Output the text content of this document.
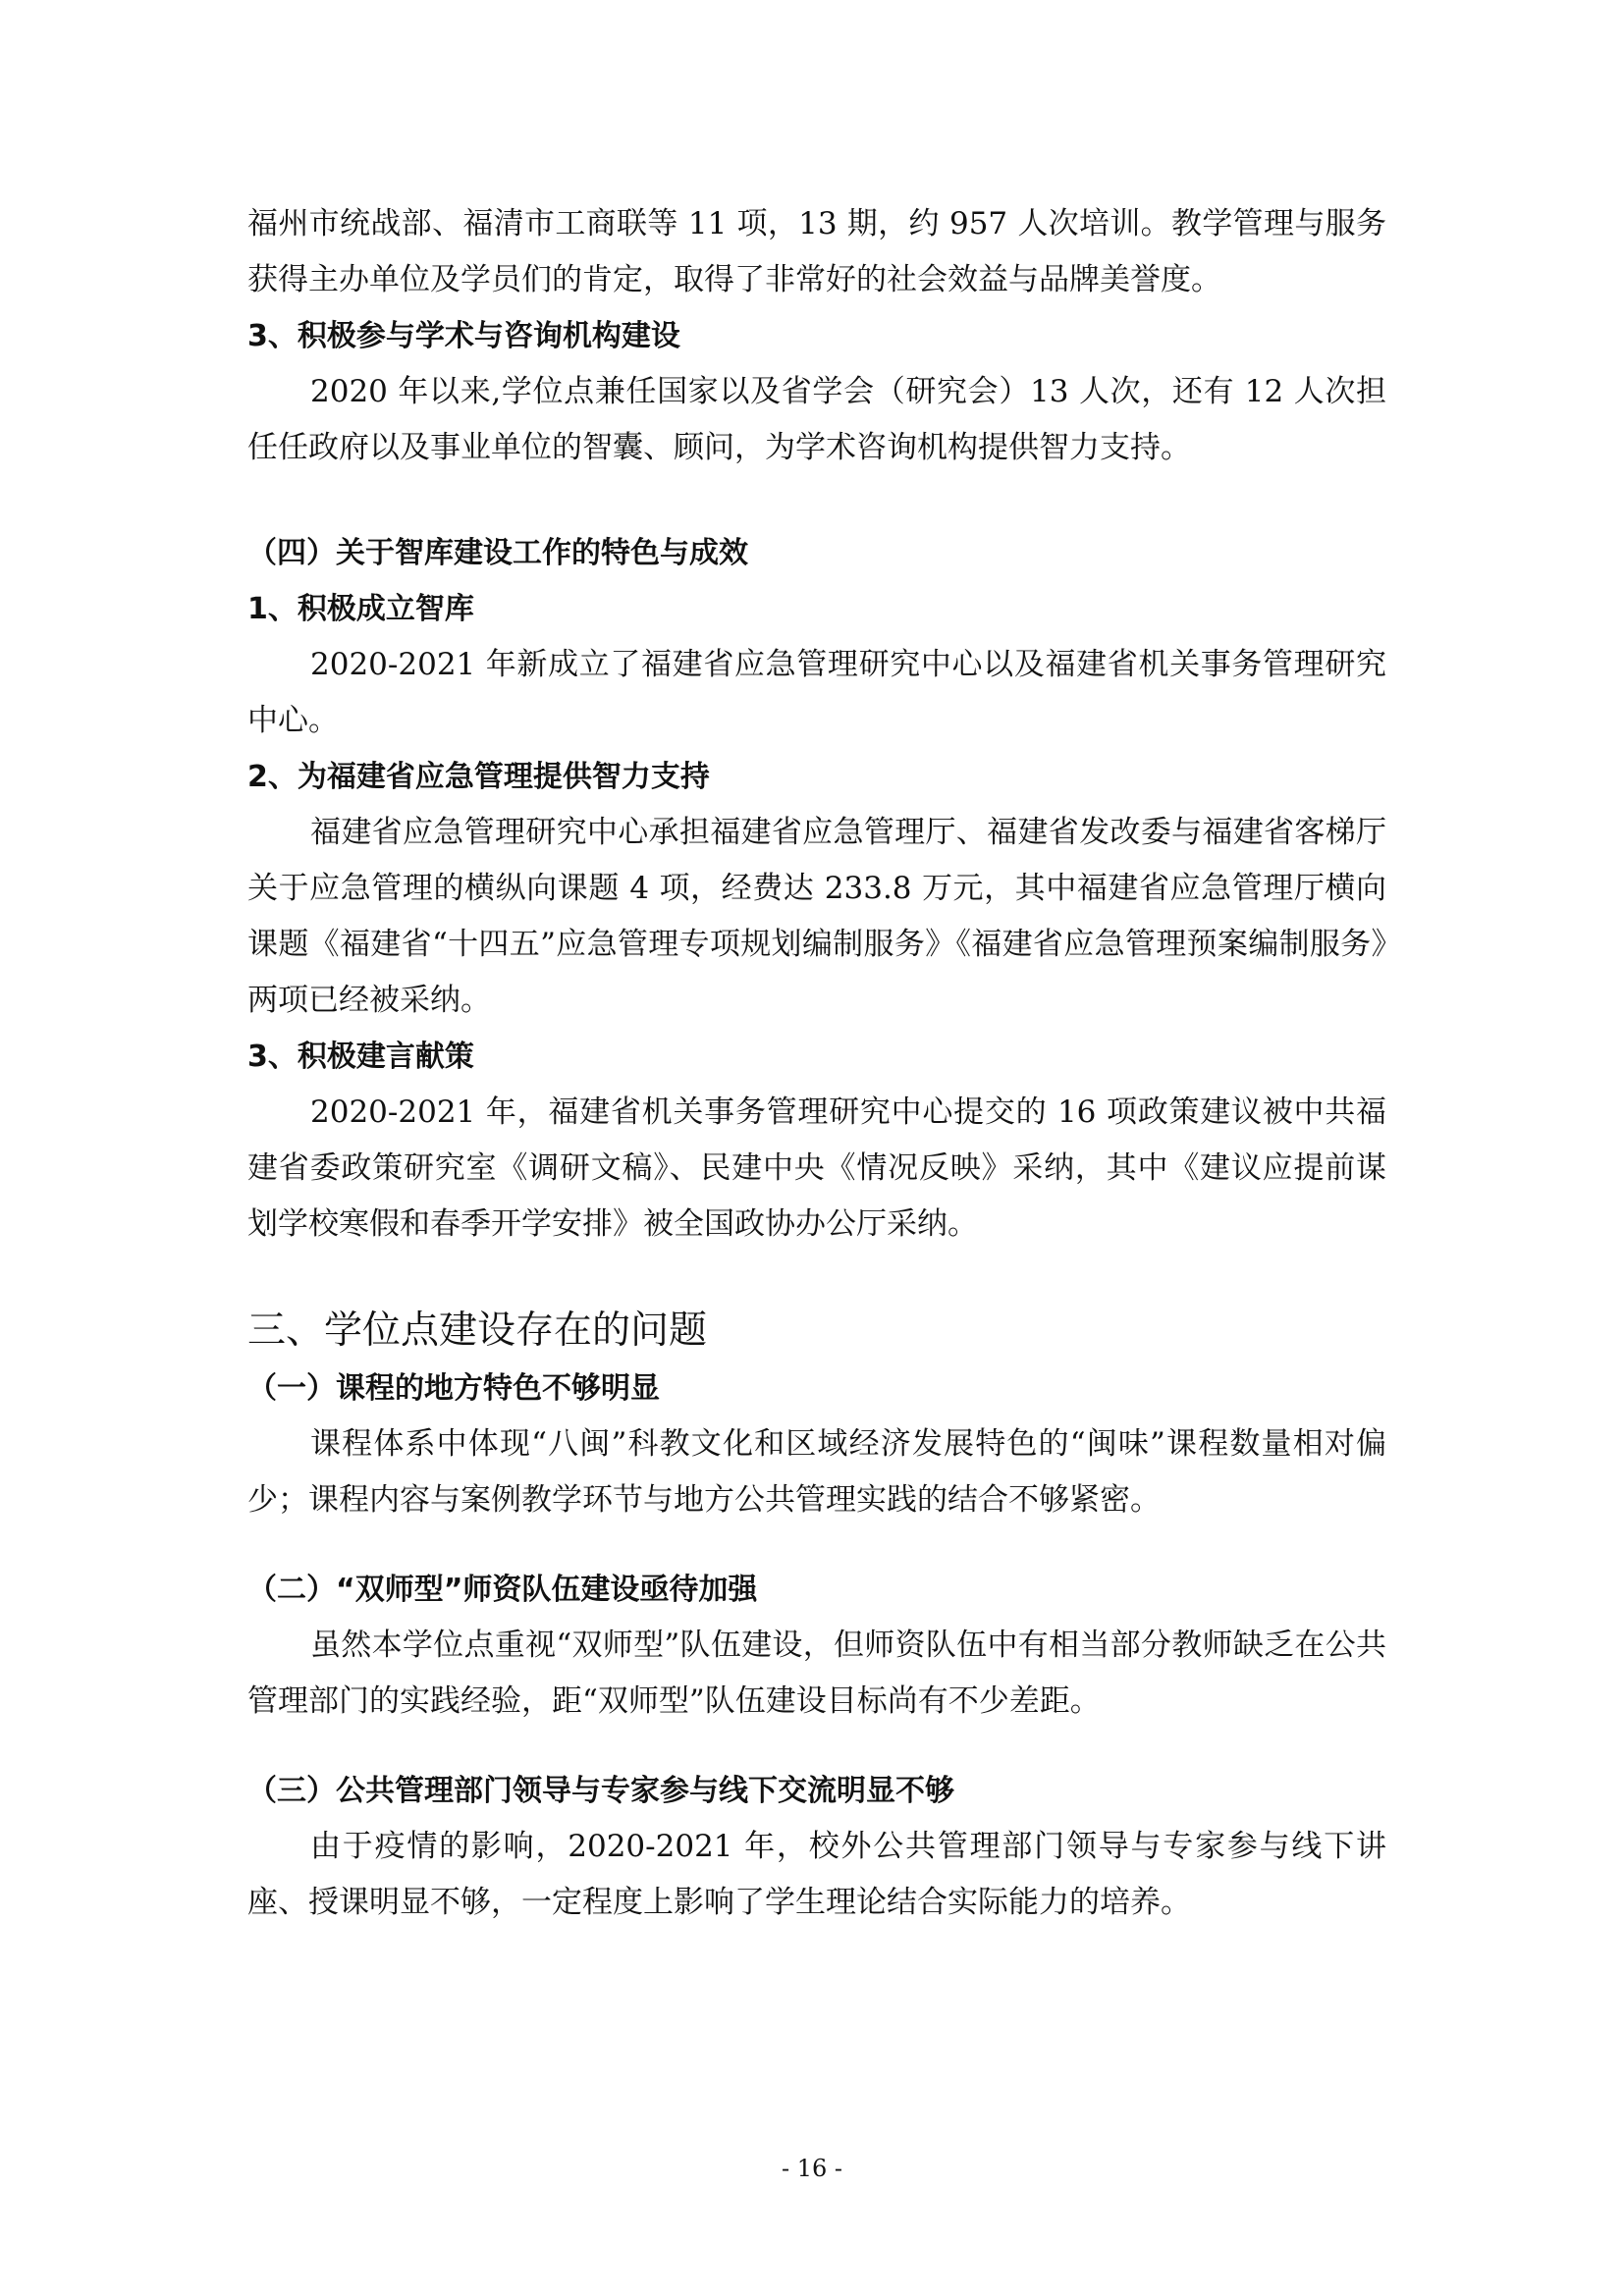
福州市统战部、福清市工商联等 11 项，13 期，约 957 人次培训。教学管理与服务获得主办单位及学员们的肯定，取得了非常好的社会效益与品牌美誉度。

3、积极参与学术与咨询机构建设

2020 年以来,学位点兼任国家以及省学会（研究会）13 人次，还有 12 人次担任任政府以及事业单位的智囊、顾问，为学术咨询机构提供智力支持。

（四）关于智库建设工作的特色与成效
1、积极成立智库

2020-2021 年新成立了福建省应急管理研究中心以及福建省机关事务管理研究中心。

2、为福建省应急管理提供智力支持

福建省应急管理研究中心承担福建省应急管理厅、福建省发改委与福建省客梯厅关于应急管理的横纵向课题 4 项，经费达 233.8 万元，其中福建省应急管理厅横向课题《福建省“十四五”应急管理专项规划编制服务》《福建省应急管理预案编制服务》两项已经被采纳。

3、积极建言献策

2020-2021 年，福建省机关事务管理研究中心提交的 16 项政策建议被中共福建省委政策研究室《调研文稿》、民建中央《情况反映》采纳，其中《建议应提前谋划学校寒假和春季开学安排》被全国政协办公厅采纳。

三、学位点建设存在的问题
（一）课程的地方特色不够明显

课程体系中体现“八闽”科教文化和区域经济发展特色的“闽味”课程数量相对偏少；课程内容与案例教学环节与地方公共管理实践的结合不够紧密。

（二）“双师型”师资队伍建设亟待加强

虽然本学位点重视“双师型”队伍建设，但师资队伍中有相当部分教师缺乏在公共管理部门的实践经验，距“双师型”队伍建设目标尚有不少差距。

（三）公共管理部门领导与专家参与线下交流明显不够

由于疫情的影响，2020-2021 年，校外公共管理部门领导与专家参与线下讲座、授课明显不够，一定程度上影响了学生理论结合实际能力的培养。

- 16 -
